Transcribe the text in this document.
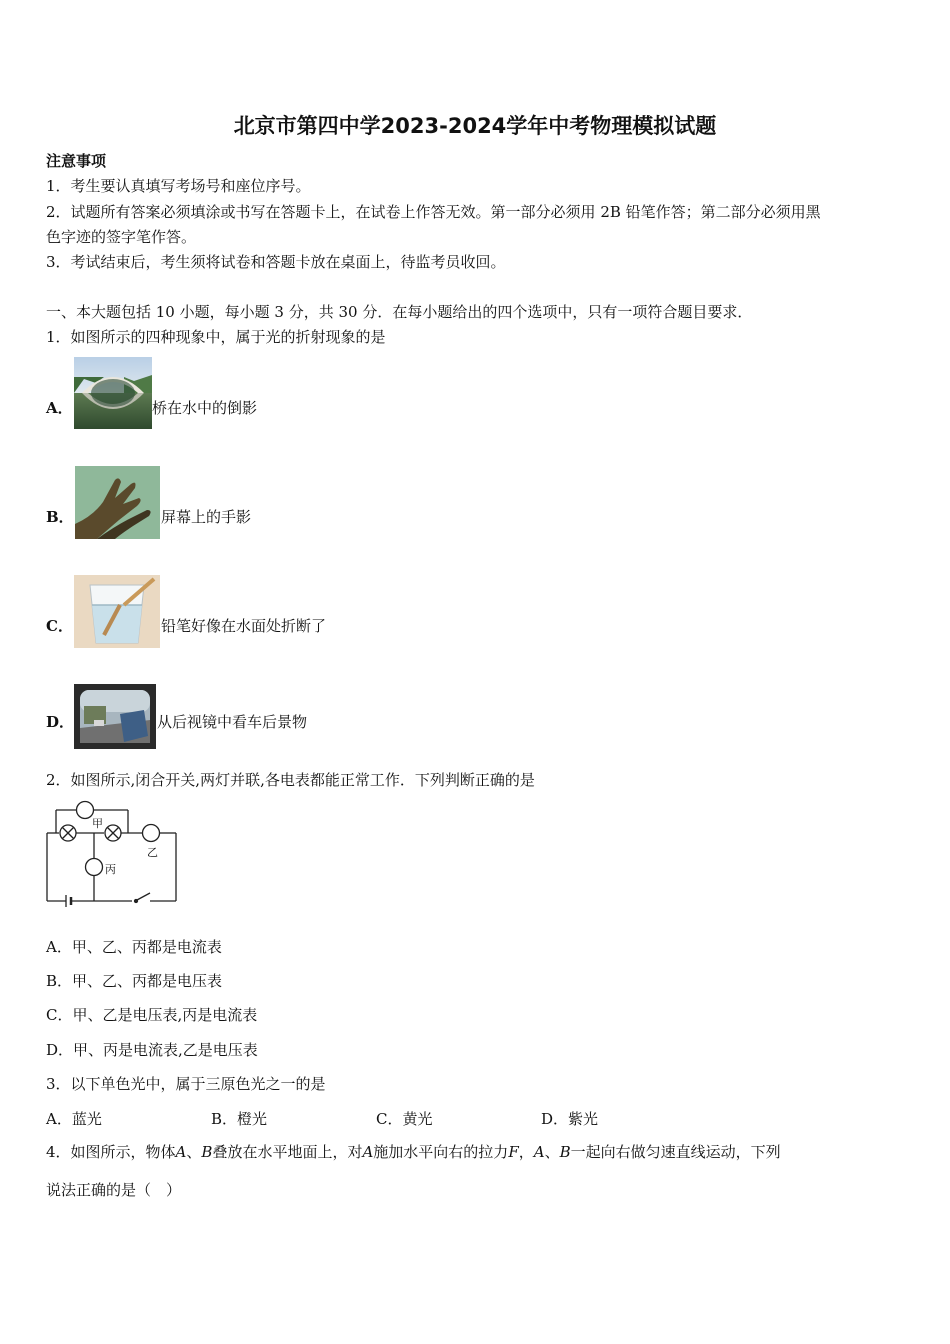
北京市第四中学2023-2024学年中考物理模拟试题
注意事项
1．考生要认真填写考场号和座位序号。
2．试题所有答案必须填涂或书写在答题卡上，在试卷上作答无效。第一部分必须用 2B 铅笔作答；第二部分必须用黑
色字迹的签字笔作答。
3．考试结束后，考生须将试卷和答题卡放在桌面上，待监考员收回。
一、本大题包括 10 小题，每小题 3 分，共 30 分．在每小题给出的四个选项中，只有一项符合题目要求．
1．如图所示的四种现象中，属于光的折射现象的是
A．	桥在水中的倒影
B．	屏幕上的手影
C．	铅笔好像在水面处折断了
D．	从后视镜中看车后景物
2．如图所示,闭合开关,两灯并联,各电表都能正常工作．下列判断正确的是
甲
乙
丙
A．甲、乙、丙都是电流表
B．甲、乙、丙都是电压表
C．甲、乙是电压表,丙是电流表
D．甲、丙是电流表,乙是电压表
3．以下单色光中，属于三原色光之一的是
A．蓝光	B．橙光	C．黄光	D．紫光
4．如图所示，物体A、B叠放在水平地面上，对A施加水平向右的拉力F，A、B一起向右做匀速直线运动，下列
说法正确的是（　）
